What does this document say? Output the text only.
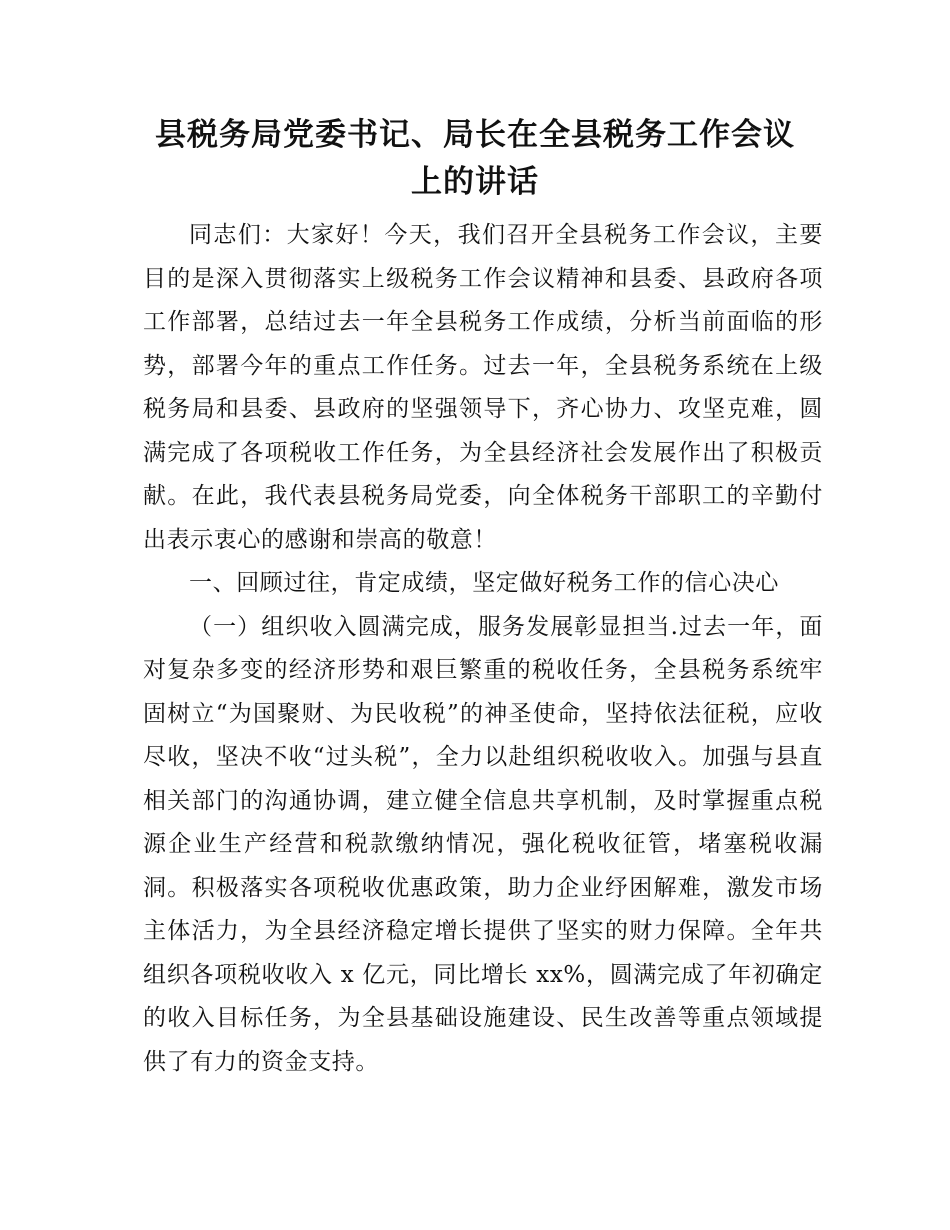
县税务局党委书记、局长在全县税务工作会议
上的讲话

同志们：大家好！今天，我们召开全县税务工作会议，主要目的是深入贯彻落实上级税务工作会议精神和县委、县政府各项工作部署，总结过去一年全县税务工作成绩，分析当前面临的形势，部署今年的重点工作任务。过去一年，全县税务系统在上级税务局和县委、县政府的坚强领导下，齐心协力、攻坚克难，圆满完成了各项税收工作任务，为全县经济社会发展作出了积极贡献。在此，我代表县税务局党委，向全体税务干部职工的辛勤付出表示衷心的感谢和崇高的敬意！

一、回顾过往，肯定成绩，坚定做好税务工作的信心决心

（一）组织收入圆满完成，服务发展彰显担当.过去一年，面对复杂多变的经济形势和艰巨繁重的税收任务，全县税务系统牢固树立“为国聚财、为民收税”的神圣使命，坚持依法征税，应收尽收，坚决不收“过头税”，全力以赴组织税收收入。加强与县直相关部门的沟通协调，建立健全信息共享机制，及时掌握重点税源企业生产经营和税款缴纳情况，强化税收征管，堵塞税收漏洞。积极落实各项税收优惠政策，助力企业纾困解难，激发市场主体活力，为全县经济稳定增长提供了坚实的财力保障。全年共组织各项税收收入 x 亿元，同比增长 xx%，圆满完成了年初确定的收入目标任务，为全县基础设施建设、民生改善等重点领域提供了有力的资金支持。
